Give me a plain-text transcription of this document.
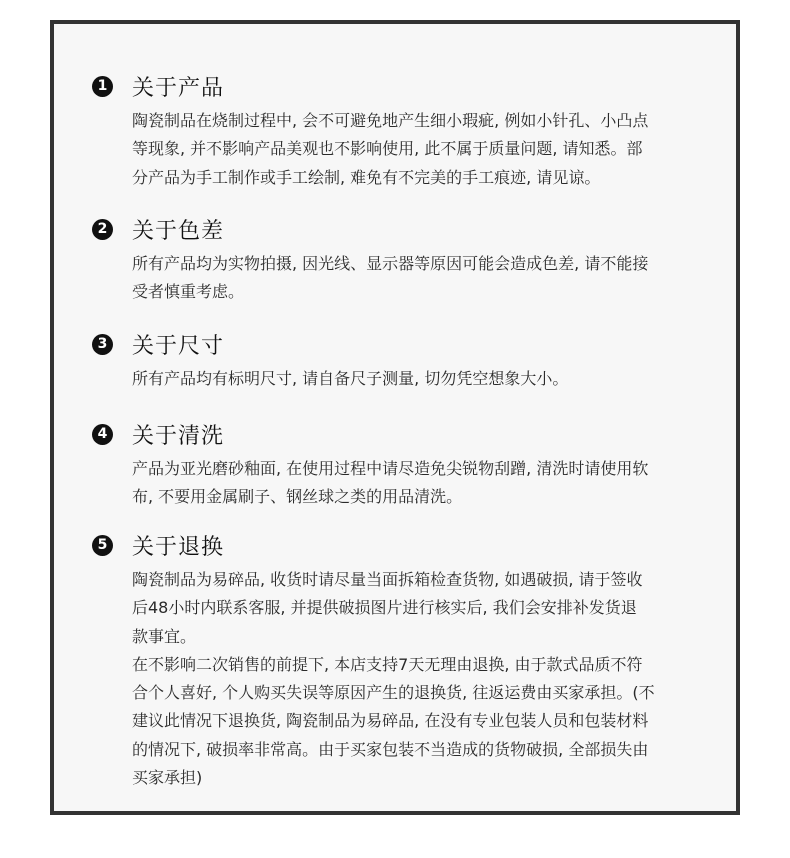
1 关于产品
陶瓷制品在烧制过程中, 会不可避免地产生细小瑕疵, 例如小针孔、小凸点
等现象, 并不影响产品美观也不影响使用, 此不属于质量问题, 请知悉。部
分产品为手工制作或手工绘制, 难免有不完美的手工痕迹, 请见谅。
2 关于色差
所有产品均为实物拍摄, 因光线、显示器等原因可能会造成色差, 请不能接
受者慎重考虑。
3 关于尺寸
所有产品均有标明尺寸, 请自备尺子测量, 切勿凭空想象大小。
4 关于清洗
产品为亚光磨砂釉面, 在使用过程中请尽造免尖锐物刮蹭, 清洗时请使用软
布, 不要用金属刷子、钢丝球之类的用品清洗。
5 关于退换
陶瓷制品为易碎品, 收货时请尽量当面拆箱检查货物, 如遇破损, 请于签收
后48小时内联系客服, 并提供破损图片进行核实后, 我们会安排补发货退
款事宜。
在不影响二次销售的前提下, 本店支持7天无理由退换, 由于款式品质不符
合个人喜好, 个人购买失误等原因产生的退换货, 往返运费由买家承担。(不
建议此情况下退换货, 陶瓷制品为易碎品, 在没有专业包装人员和包装材料
的情况下, 破损率非常高。由于买家包装不当造成的货物破损, 全部损失由
买家承担)
